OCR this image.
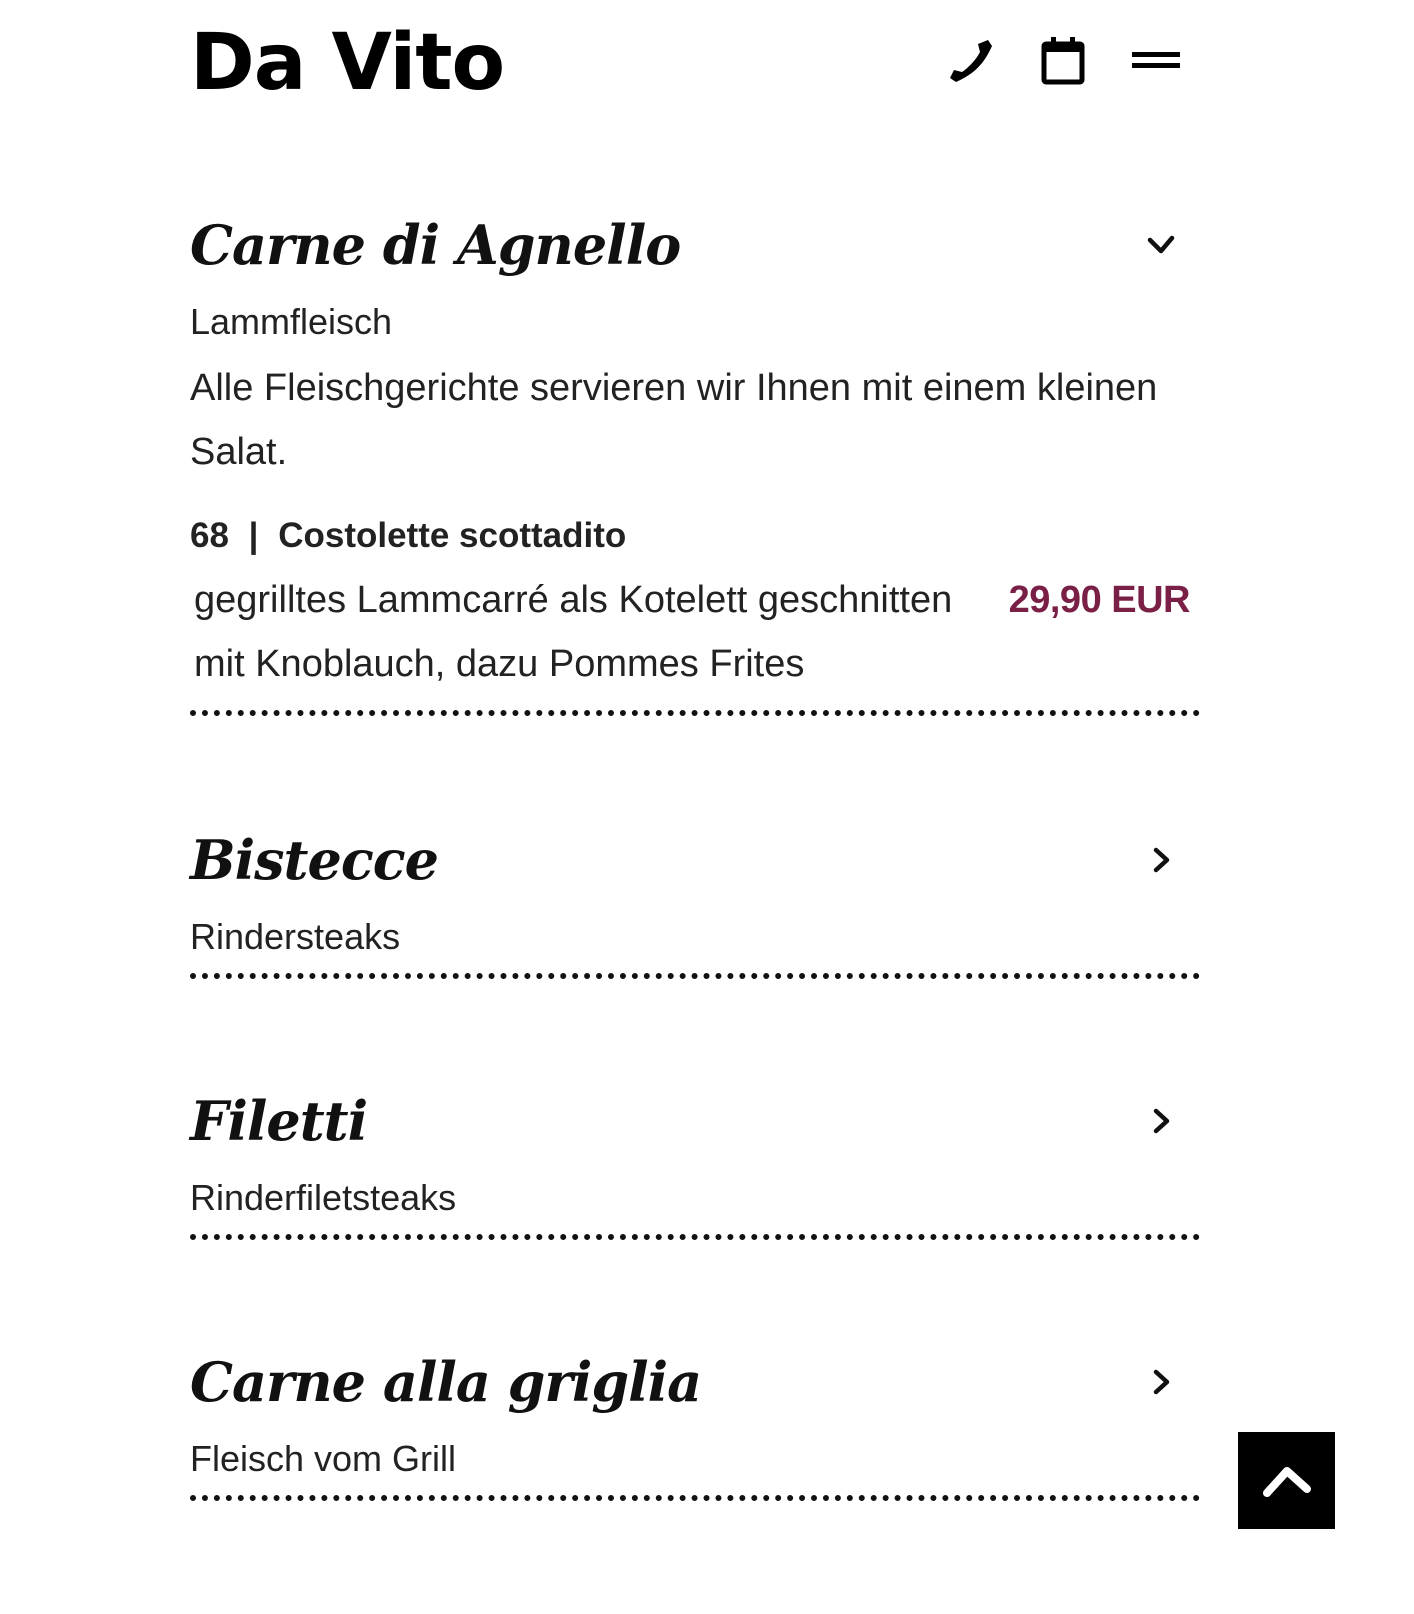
Da Vito
Carne di Agnello

Lammfleisch

Alle Fleischgerichte servieren wir Ihnen mit einem kleinen Salat.

68 | Costolette scottadito

gegrilltes Lammcarré als Kotelett geschnitten mit Knoblauch, dazu Pommes Frites

29,90 EUR
Bistecce

Rindersteaks

Filetti

Rinderfiletsteaks

Carne alla griglia

Fleisch vom Grill
